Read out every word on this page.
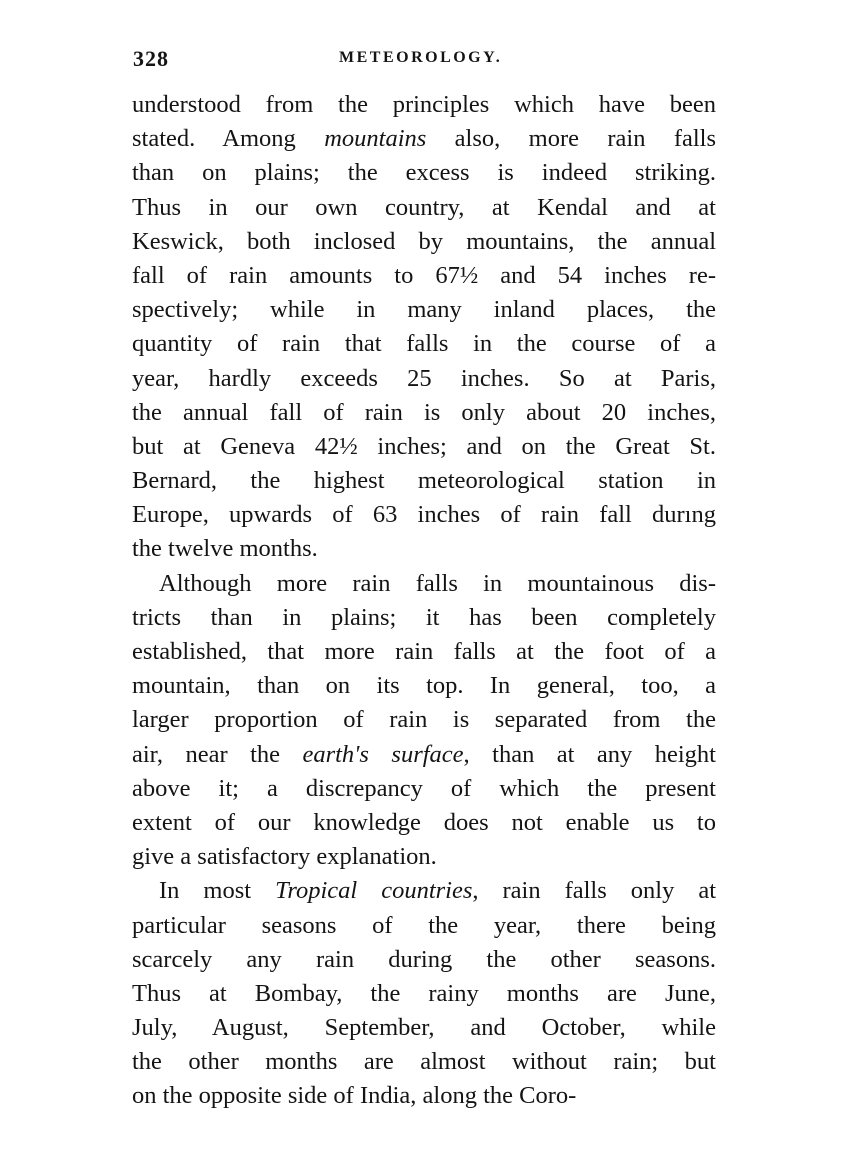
328	METEOROLOGY.
understood from the principles which have been
stated. Among mountains also, more rain falls
than on plains; the excess is indeed striking.
Thus in our own country, at Kendal and at
Keswick, both inclosed by mountains, the annual
fall of rain amounts to 67½ and 54 inches re-
spectively; while in many inland places, the
quantity of rain that falls in the course of a
year, hardly exceeds 25 inches. So at Paris,
the annual fall of rain is only about 20 inches,
but at Geneva 42½ inches; and on the Great St.
Bernard, the highest meteorological station in
Europe, upwards of 63 inches of rain fall durıng
the twelve months.
Although more rain falls in mountainous dis-
tricts than in plains; it has been completely
established, that more rain falls at the foot of a
mountain, than on its top. In general, too, a
larger proportion of rain is separated from the
air, near the earth's surface, than at any height
above it; a discrepancy of which the present
extent of our knowledge does not enable us to
give a satisfactory explanation.
In most Tropical countries, rain falls only at
particular seasons of the year, there being
scarcely any rain during the other seasons.
Thus at Bombay, the rainy months are June,
July, August, September, and October, while
the other months are almost without rain; but
on the opposite side of India, along the Coro-
